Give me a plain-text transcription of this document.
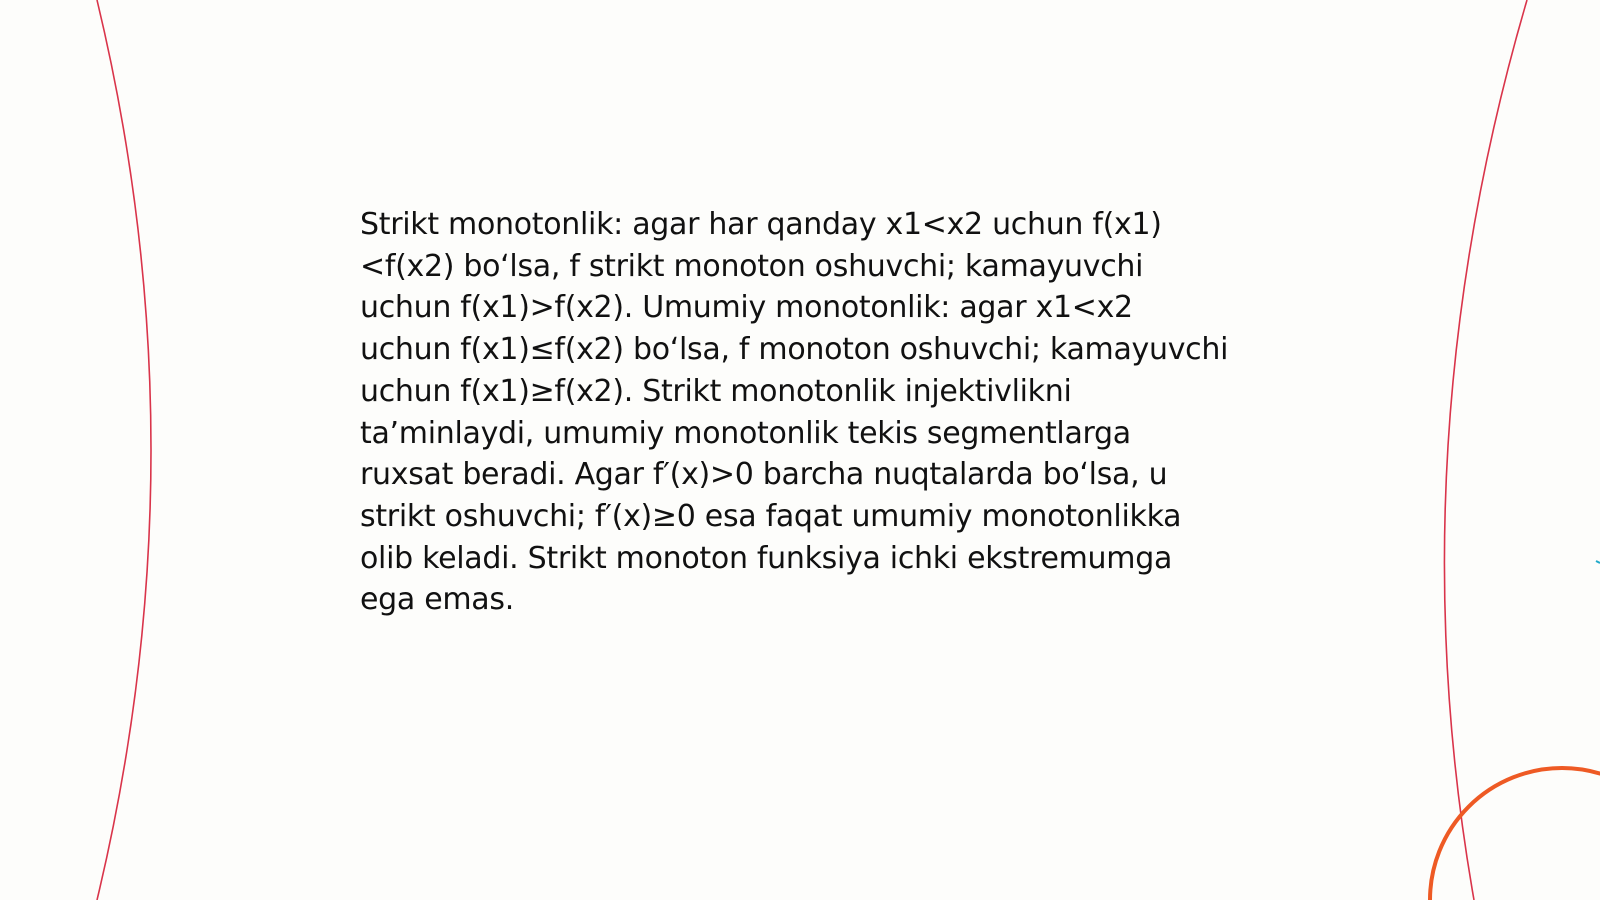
Strikt monotonlik: agar har qanday x1<x2 uchun f(x1)<f(x2) bo‘lsa, f strikt monoton oshuvchi; kamayuvchi uchun f(x1)>f(x2). Umumiy monotonlik: agar x1<x2 uchun f(x1)≤f(x2) bo‘lsa, f monoton oshuvchi; kamayuvchi uchun f(x1)≥f(x2). Strikt monotonlik injektivlikni ta’minlaydi, umumiy monotonlik tekis segmentlarga ruxsat beradi. Agar f′(x)>0 barcha nuqtalarda bo‘lsa, u strikt oshuvchi; f′(x)≥0 esa faqat umumiy monotonlikka olib keladi. Strikt monoton funksiya ichki ekstremumga ega emas.
